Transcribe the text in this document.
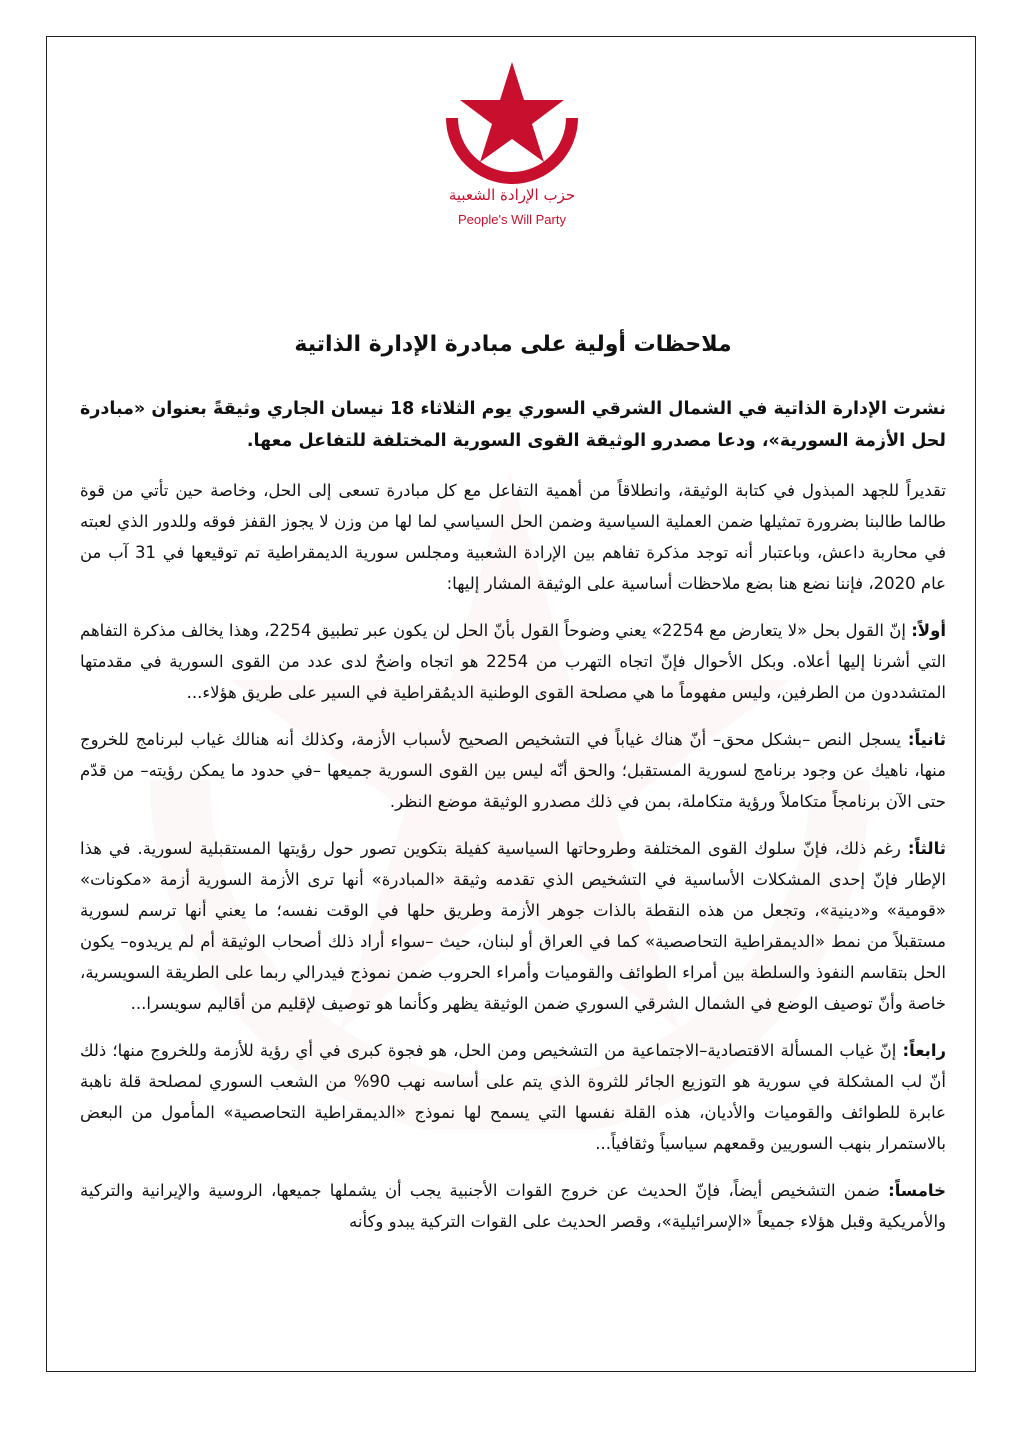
حزب الإرادة الشعبية
People's Will Party
ملاحظات أولية على مبادرة الإدارة الذاتية

نشرت الإدارة الذاتية في الشمال الشرقي السوري يوم الثلاثاء 18 نيسان الجاري وثيقةً بعنوان «مبادرة لحل الأزمة السورية»، ودعا مصدرو الوثيقة القوى السورية المختلفة للتفاعل معها.

تقديراً للجهد المبذول في كتابة الوثيقة، وانطلاقاً من أهمية التفاعل مع كل مبادرة تسعى إلى الحل، وخاصة حين تأتي من قوة طالما طالبنا بضرورة تمثيلها ضمن العملية السياسية وضمن الحل السياسي لما لها من وزن لا يجوز القفز فوقه وللدور الذي لعبته في محاربة داعش، وباعتبار أنه توجد مذكرة تفاهم بين الإرادة الشعبية ومجلس سورية الديمقراطية تم توقيعها في 31 آب من عام 2020، فإننا نضع هنا بضع ملاحظات أساسية على الوثيقة المشار إليها:

أولاً: إنّ القول بحل «لا يتعارض مع 2254» يعني وضوحاً القول بأنّ الحل لن يكون عبر تطبيق 2254، وهذا يخالف مذكرة التفاهم التي أشرنا إليها أعلاه. وبكل الأحوال فإنّ اتجاه التهرب من 2254 هو اتجاه واضحٌ لدى عدد من القوى السورية في مقدمتها المتشددون من الطرفين، وليس مفهوماً ما هي مصلحة القوى الوطنية الديمُقراطية في السير على طريق هؤلاء...

ثانياً: يسجل النص –بشكل محق– أنّ هناك غياباً في التشخيص الصحيح لأسباب الأزمة، وكذلك أنه هنالك غياب لبرنامج للخروج منها، ناهيك عن وجود برنامج لسورية المستقبل؛ والحق أنّه ليس بين القوى السورية جميعها –في حدود ما يمكن رؤيته– من قدّم حتى الآن برنامجاً متكاملاً ورؤية متكاملة، بمن في ذلك مصدرو الوثيقة موضع النظر.

ثالثاً: رغم ذلك، فإنّ سلوك القوى المختلفة وطروحاتها السياسية كفيلة بتكوين تصور حول رؤيتها المستقبلية لسورية. في هذا الإطار فإنّ إحدى المشكلات الأساسية في التشخيص الذي تقدمه وثيقة «المبادرة» أنها ترى الأزمة السورية أزمة «مكونات» «قومية» و«دينية»، وتجعل من هذه النقطة بالذات جوهر الأزمة وطريق حلها في الوقت نفسه؛ ما يعني أنها ترسم لسورية مستقبلاً من نمط «الديمقراطية التحاصصية» كما في العراق أو لبنان، حيث –سواء أراد ذلك أصحاب الوثيقة أم لم يريدوه– يكون الحل بتقاسم النفوذ والسلطة بين أمراء الطوائف والقوميات وأمراء الحروب ضمن نموذج فيدرالي ربما على الطريقة السويسرية، خاصة وأنّ توصيف الوضع في الشمال الشرقي السوري ضمن الوثيقة يظهر وكأنما هو توصيف لإقليم من أقاليم سويسرا...

رابعاً: إنّ غياب المسألة الاقتصادية–الاجتماعية من التشخيص ومن الحل، هو فجوة كبرى في أي رؤية للأزمة وللخروج منها؛ ذلك أنّ لب المشكلة في سورية هو التوزيع الجائر للثروة الذي يتم على أساسه نهب 90% من الشعب السوري لمصلحة قلة ناهبة عابرة للطوائف والقوميات والأديان، هذه القلة نفسها التي يسمح لها نموذج «الديمقراطية التحاصصية» المأمول من البعض بالاستمرار بنهب السوريين وقمعهم سياسياً وثقافياً...

خامساً: ضمن التشخيص أيضاً، فإنّ الحديث عن خروج القوات الأجنبية يجب أن يشملها جميعها، الروسية والإيرانية والتركية والأمريكية وقبل هؤلاء جميعاً «الإسرائيلية»، وقصر الحديث على القوات التركية يبدو وكأنه
